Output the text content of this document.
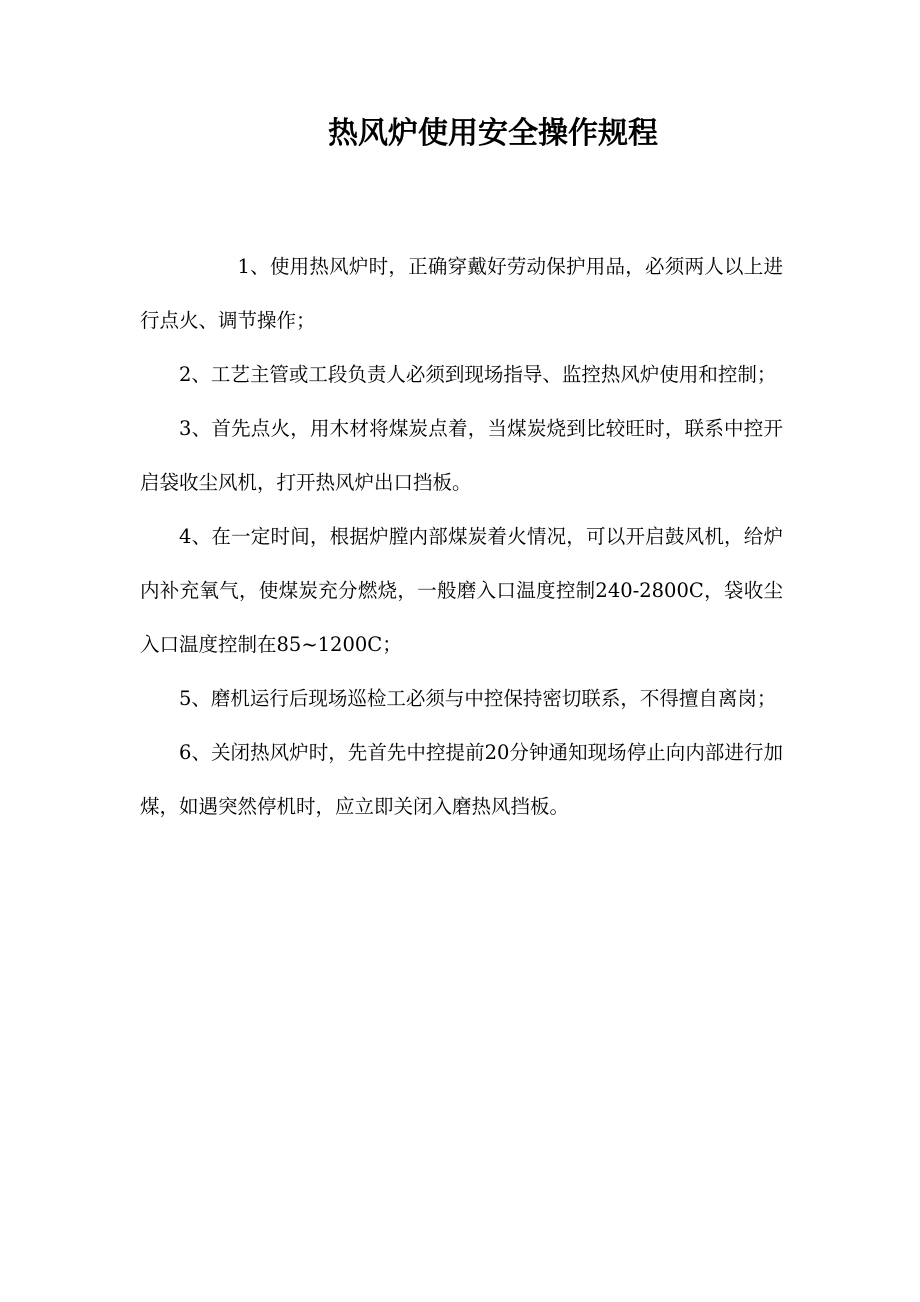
热风炉使用安全操作规程

1、使用热风炉时，正确穿戴好劳动保护用品，必须两人以上进行点火、调节操作；

2、工艺主管或工段负责人必须到现场指导、监控热风炉使用和控制；

3、首先点火，用木材将煤炭点着，当煤炭烧到比较旺时，联系中控开启袋收尘风机，打开热风炉出口挡板。

4、在一定时间，根据炉膛内部煤炭着火情况，可以开启鼓风机，给炉内补充氧气，使煤炭充分燃烧，一般磨入口温度控制240-2800C，袋收尘入口温度控制在85~1200C；

5、磨机运行后现场巡检工必须与中控保持密切联系，不得擅自离岗；

6、关闭热风炉时，先首先中控提前20分钟通知现场停止向内部进行加煤，如遇突然停机时，应立即关闭入磨热风挡板。
